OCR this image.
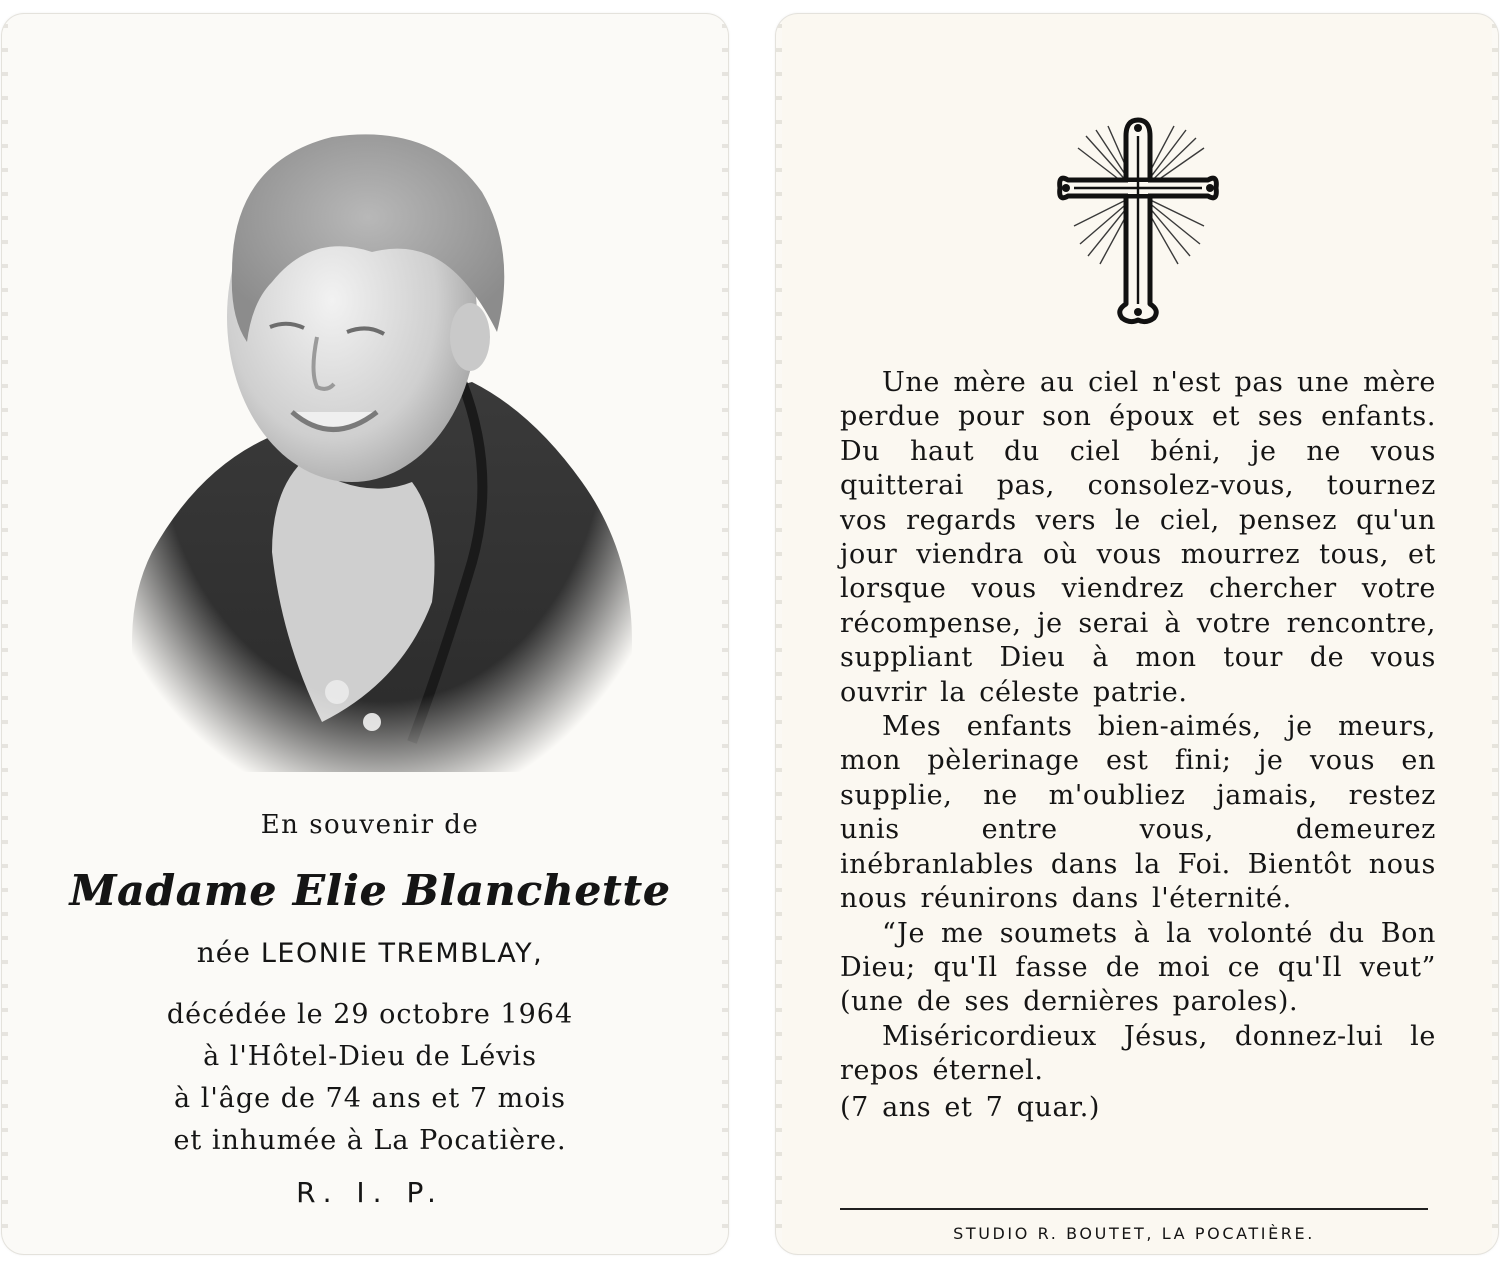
En souvenir de
Madame Elie Blanchette
née LEONIE TREMBLAY,
décédée le 29 octobre 1964
à l'Hôtel-Dieu de Lévis
à l'âge de 74 ans et 7 mois
et inhumée à La Pocatière.
R. I. P.

Une mère au ciel n'est pas une mère perdue pour son époux et ses enfants. Du haut du ciel béni, je ne vous quitterai pas, consolez-vous, tournez vos regards vers le ciel, pensez qu'un jour viendra où vous mourrez tous, et lorsque vous viendrez chercher votre récompense, je serai à votre rencontre, suppliant Dieu à mon tour de vous ouvrir la céleste patrie.

Mes enfants bien-aimés, je meurs, mon pèlerinage est fini; je vous en supplie, ne m'oubliez jamais, restez unis entre vous, demeurez inébranlables dans la Foi. Bientôt nous nous réunirons dans l'éternité.

“Je me soumets à la volonté du Bon Dieu; qu'Il fasse de moi ce qu'Il veut” (une de ses dernières paroles).

Miséricordieux Jésus, donnez-lui le repos éternel.

(7 ans et 7 quar.)

STUDIO R. BOUTET, LA POCATIÈRE.
